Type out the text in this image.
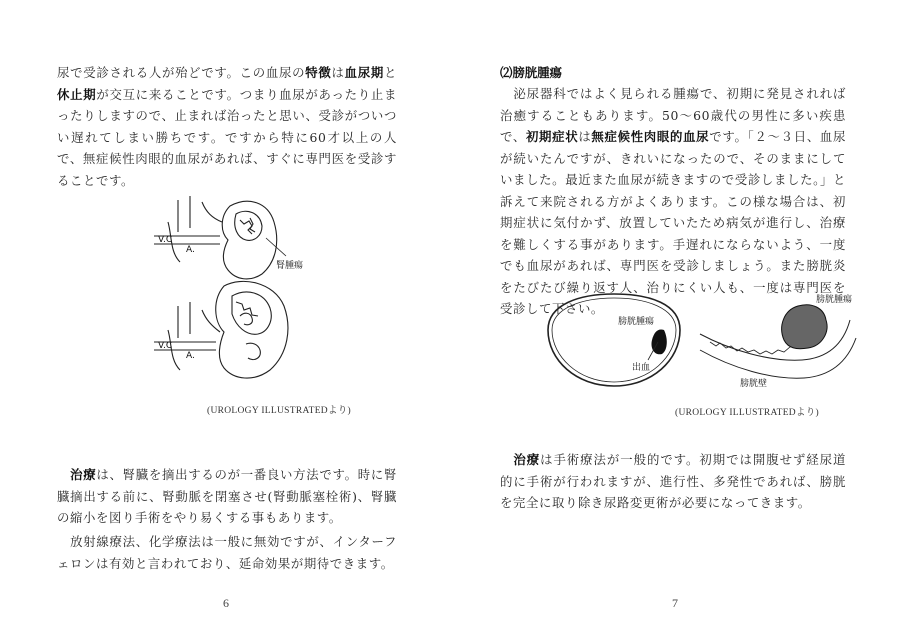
尿で受診される人が殆どです。この血尿の特徴は血尿期と休止期が交互に来ることです。つまり血尿があったり止まったりしますので、止まれば治ったと思い、受診がついつい遅れてしまい勝ちです。ですから特に60才以上の人で、無症候性肉眼的血尿があれば、すぐに専門医を受診することです。

腎腫瘍
V.C
A.
V.C
A.
(UROLOGY ILLUSTRATEDより)

治療は、腎臓を摘出するのが一番良い方法です。時に腎臓摘出する前に、腎動脈を閉塞させ(腎動脈塞栓術)、腎臓の縮小を図り手術をやり易くする事もあります。

放射線療法、化学療法は一般に無効ですが、インターフェロンは有効と言われており、延命効果が期待できます。

6

⑵膀胱腫瘍

泌尿器科ではよく見られる腫瘍で、初期に発見されれば治癒することもあります。50～60歳代の男性に多い疾患で、初期症状は無症候性肉眼的血尿です。「２～３日、血尿が続いたんですが、きれいになったので、そのままにしていました。最近また血尿が続きますので受診しました。」と訴えて来院される方がよくあります。この様な場合は、初期症状に気付かず、放置していたため病気が進行し、治療を難しくする事があります。手遅れにならないよう、一度でも血尿があれば、専門医を受診しましょう。また膀胱炎をたびたび繰り返す人、治りにくい人も、一度は専門医を受診して下さい。

膀胱腫瘍
出血
膀胱腫瘍
膀胱壁
(UROLOGY ILLUSTRATEDより)

治療は手術療法が一般的です。初期では開腹せず経尿道的に手術が行われますが、進行性、多発性であれば、膀胱を完全に取り除き尿路変更術が必要になってきます。

7
